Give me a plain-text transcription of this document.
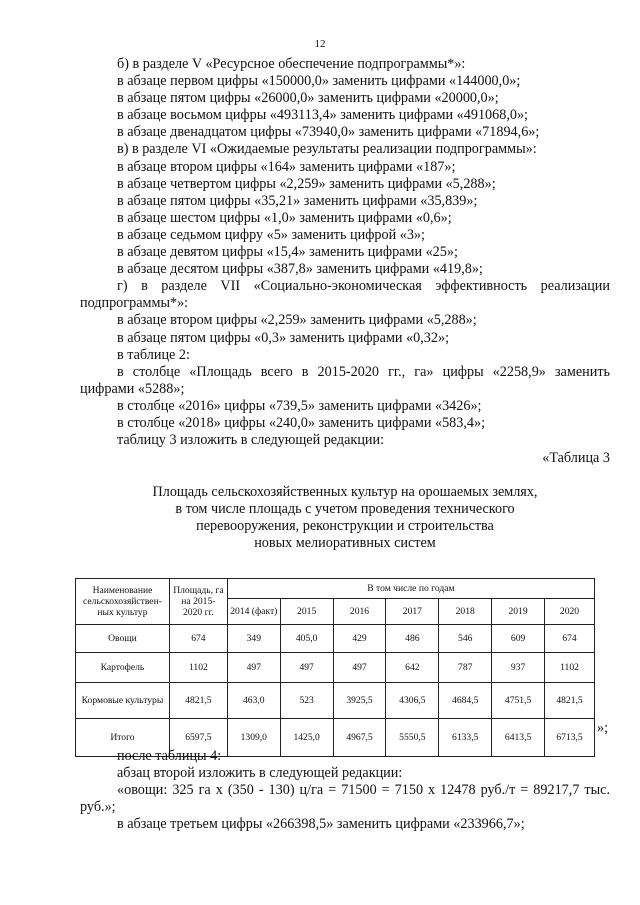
12

б) в разделе V «Ресурсное обеспечение подпрограммы*»:

в абзаце первом цифры «150000,0» заменить цифрами «144000,0»;

в абзаце пятом цифры «26000,0» заменить цифрами «20000,0»;

в абзаце восьмом цифры «493113,4» заменить цифрами «491068,0»;

в абзаце двенадцатом цифры «73940,0» заменить цифрами «71894,6»;

в) в разделе VI «Ожидаемые результаты реализации подпрограммы»:

в абзаце втором цифры «164» заменить цифрами «187»;

в абзаце четвертом цифры «2,259» заменить цифрами «5,288»;

в абзаце пятом цифры «35,21» заменить цифрами «35,839»;

в абзаце шестом цифры «1,0» заменить цифрами «0,6»;

в абзаце седьмом цифру «5» заменить цифрой «3»;

в абзаце девятом цифры «15,4» заменить цифрами «25»;

в абзаце десятом цифры «387,8» заменить цифрами «419,8»;

г) в разделе VII «Социально-экономическая эффективность реализации подпрограммы*»:

в абзаце втором цифры «2,259» заменить цифрами «5,288»;

в абзаце пятом цифры «0,3» заменить цифрами «0,32»;

в таблице 2:

в столбце «Площадь всего в 2015-2020 гг., га» цифры «2258,9» заменить цифрами «5288»;

в столбце «2016» цифры «739,5» заменить цифрами «3426»;

в столбце «2018» цифры «240,0» заменить цифрами «583,4»;

таблицу 3 изложить в следующей редакции:

«Таблица 3

Площадь сельскохозяйственных культур на орошаемых землях,

в том числе площадь с учетом проведения технического

перевооружения, реконструкции и строительства

новых мелиоративных систем

Наименование сельскохозяйствен-ных культур	Площадь, га на 2015-2020 гг.	В том числе по годам						
		2014 (факт)	2015	2016	2017	2018	2019	2020
Овощи	674	349	405,0	429	486	546	609	674
Картофель	1102	497	497	497	642	787	937	1102
Кормовые культуры	4821,5	463,0	523	3925,5	4306,5	4684,5	4751,5	4821,5
Итого	6597,5	1309,0	1425,0	4967,5	5550,5	6133,5	6413,5	6713,5
»;

после таблицы 4:

абзац второй изложить в следующей редакции:

«овощи: 325 га х (350 - 130) ц/га = 71500 = 7150 х 12478 руб./т = 89217,7 тыс. руб.»;

в абзаце третьем цифры «266398,5» заменить цифрами «233966,7»;
